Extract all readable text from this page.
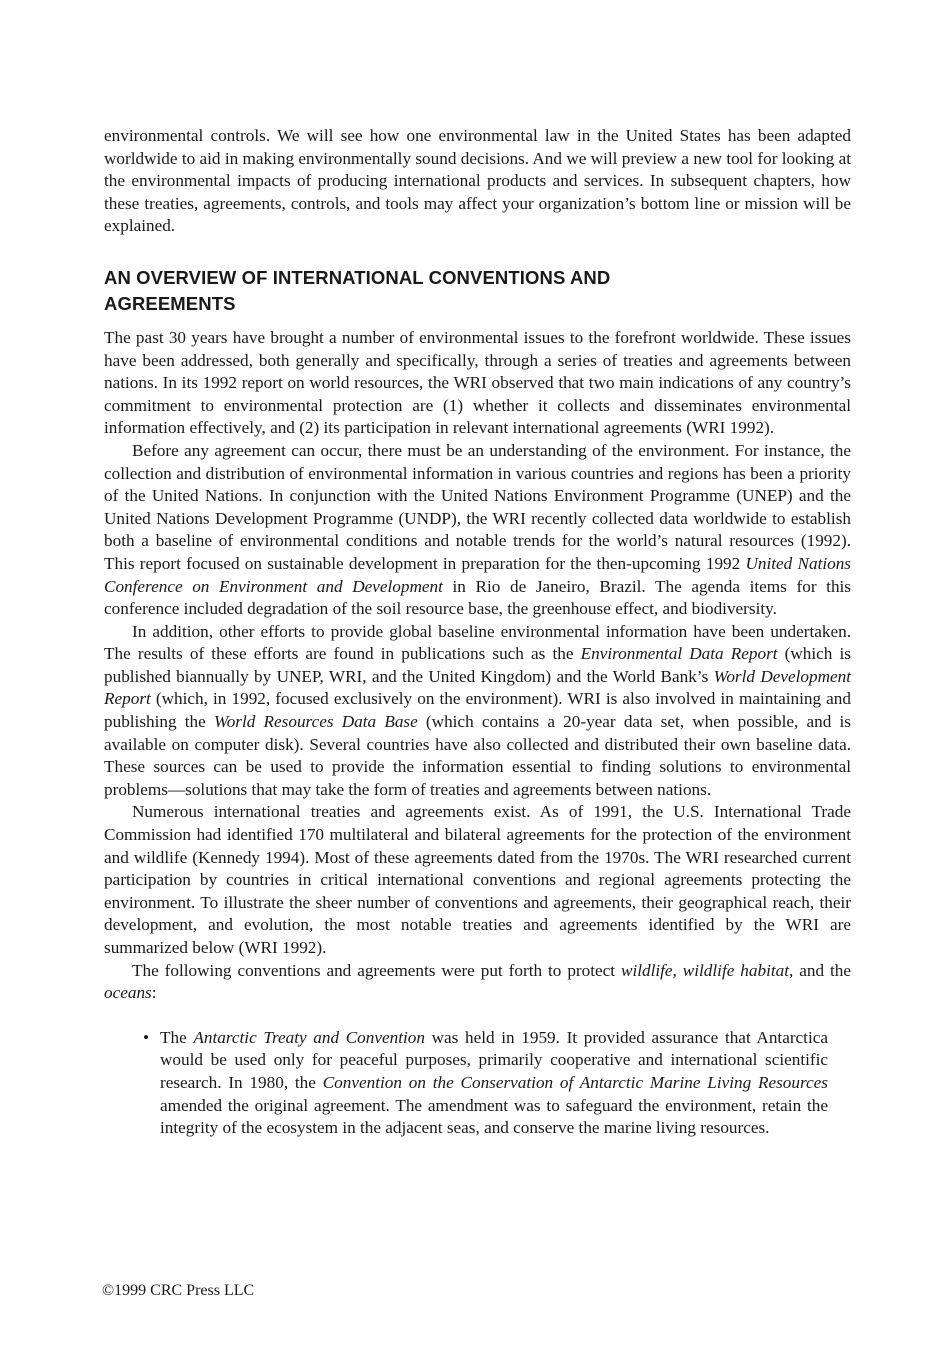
environmental controls. We will see how one environmental law in the United States has been adapted worldwide to aid in making environmentally sound decisions. And we will preview a new tool for looking at the environmental impacts of producing international products and services. In subsequent chapters, how these treaties, agreements, controls, and tools may affect your organization’s bottom line or mission will be explained.

AN OVERVIEW OF INTERNATIONAL CONVENTIONS AND AGREEMENTS

The past 30 years have brought a number of environmental issues to the forefront worldwide. These issues have been addressed, both generally and specifically, through a series of treaties and agreements between nations. In its 1992 report on world resources, the WRI observed that two main indications of any country’s commitment to environmental protection are (1) whether it collects and disseminates environmental information effectively, and (2) its participation in relevant international agreements (WRI 1992).

Before any agreement can occur, there must be an understanding of the environment. For instance, the collection and distribution of environmental information in various countries and regions has been a priority of the United Nations. In conjunction with the United Nations Environment Programme (UNEP) and the United Nations Development Programme (UNDP), the WRI recently collected data worldwide to establish both a baseline of environmental conditions and notable trends for the world’s natural resources (1992). This report focused on sustainable development in preparation for the then-upcoming 1992 United Nations Conference on Environment and Development in Rio de Janeiro, Brazil. The agenda items for this conference included degradation of the soil resource base, the greenhouse effect, and biodiversity.

In addition, other efforts to provide global baseline environmental information have been undertaken. The results of these efforts are found in publications such as the Environmental Data Report (which is published biannually by UNEP, WRI, and the United Kingdom) and the World Bank’s World Development Report (which, in 1992, focused exclusively on the environment). WRI is also involved in maintaining and publishing the World Resources Data Base (which contains a 20-year data set, when possible, and is available on computer disk). Several countries have also collected and distributed their own baseline data. These sources can be used to provide the information essential to finding solutions to environmental problems—solutions that may take the form of treaties and agreements between nations.

Numerous international treaties and agreements exist. As of 1991, the U.S. International Trade Commission had identified 170 multilateral and bilateral agreements for the protection of the environment and wildlife (Kennedy 1994). Most of these agreements dated from the 1970s. The WRI researched current participation by countries in critical international conventions and regional agreements protecting the environment. To illustrate the sheer number of conventions and agreements, their geographical reach, their development, and evolution, the most notable treaties and agreements identified by the WRI are summarized below (WRI 1992).

The following conventions and agreements were put forth to protect wildlife, wildlife habitat, and the oceans:

• The Antarctic Treaty and Convention was held in 1959. It provided assurance that Antarctica would be used only for peaceful purposes, primarily cooperative and international scientific research. In 1980, the Convention on the Conservation of Antarctic Marine Living Resources amended the original agreement. The amendment was to safeguard the environment, retain the integrity of the ecosystem in the adjacent seas, and conserve the marine living resources.
©1999 CRC Press LLC
